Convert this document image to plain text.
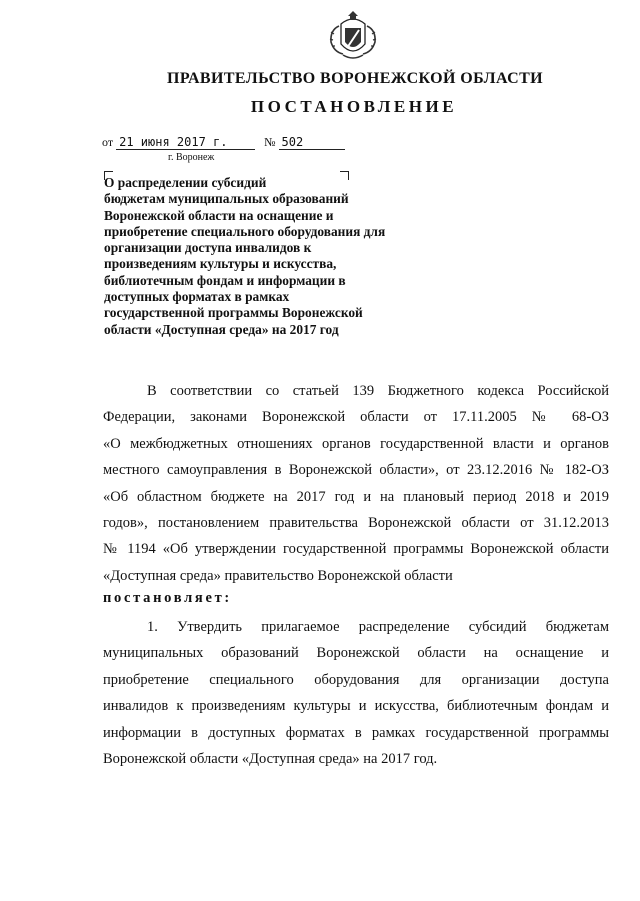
ПРАВИТЕЛЬСТВО ВОРОНЕЖСКОЙ ОБЛАСТИ
ПОСТАНОВЛЕНИЕ
от 21 июня 2017 г.	№ 502
г. Воронеж
О распределении субсидий
бюджетам муниципальных образований
Воронежской области на оснащение и
приобретение специального оборудования для
организации доступа инвалидов к
произведениям культуры и искусства,
библиотечным фондам и информации в
доступных форматах в рамках
государственной программы Воронежской
области «Доступная среда» на 2017 год
В соответствии со статьей 139 Бюджетного кодекса Российской
Федерации, законами Воронежской области от 17.11.2005 № 68-ОЗ
«О межбюджетных отношениях органов государственной власти и органов
местного самоуправления в Воронежской области», от 23.12.2016 № 182-ОЗ
«Об областном бюджете на 2017 год и на плановый период 2018 и 2019
годов», постановлением правительства Воронежской области от 31.12.2013
№ 1194 «Об утверждении государственной программы Воронежской области
«Доступная среда» правительство Воронежской области
постановляет:
1. Утвердить прилагаемое распределение субсидий бюджетам
муниципальных образований Воронежской области на оснащение и
приобретение специального оборудования для организации доступа
инвалидов к произведениям культуры и искусства, библиотечным фондам и
информации в доступных форматах в рамках государственной программы
Воронежской области «Доступная среда» на 2017 год.
